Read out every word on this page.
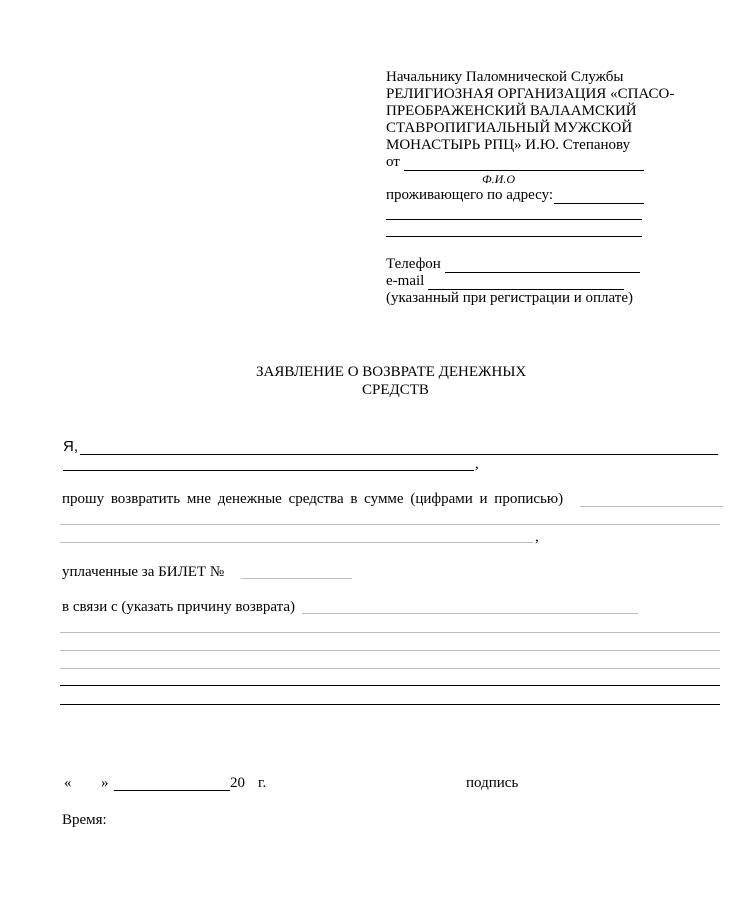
Начальнику Паломнической Службы
РЕЛИГИОЗНАЯ ОРГАНИЗАЦИЯ «СПАСО-
ПРЕОБРАЖЕНСКИЙ ВАЛААМСКИЙ
СТАВРОПИГИАЛЬНЫЙ МУЖСКОЙ
МОНАСТЫРЬ РПЦ» И.Ю. Степанову
от
Ф.И.О
проживающего по адресу:
Телефон
e-mail
(указанный при регистрации и оплате)
ЗАЯВЛЕНИЕ О ВОЗВРАТЕ ДЕНЕЖНЫХ
СРЕДСТВ
Я,
,
прошу возвратить мне денежные средства в сумме (цифрами и прописью)
,
уплаченные за БИЛЕТ №
в связи с (указать причину возврата)
« »	20 г.	подпись
Время:
